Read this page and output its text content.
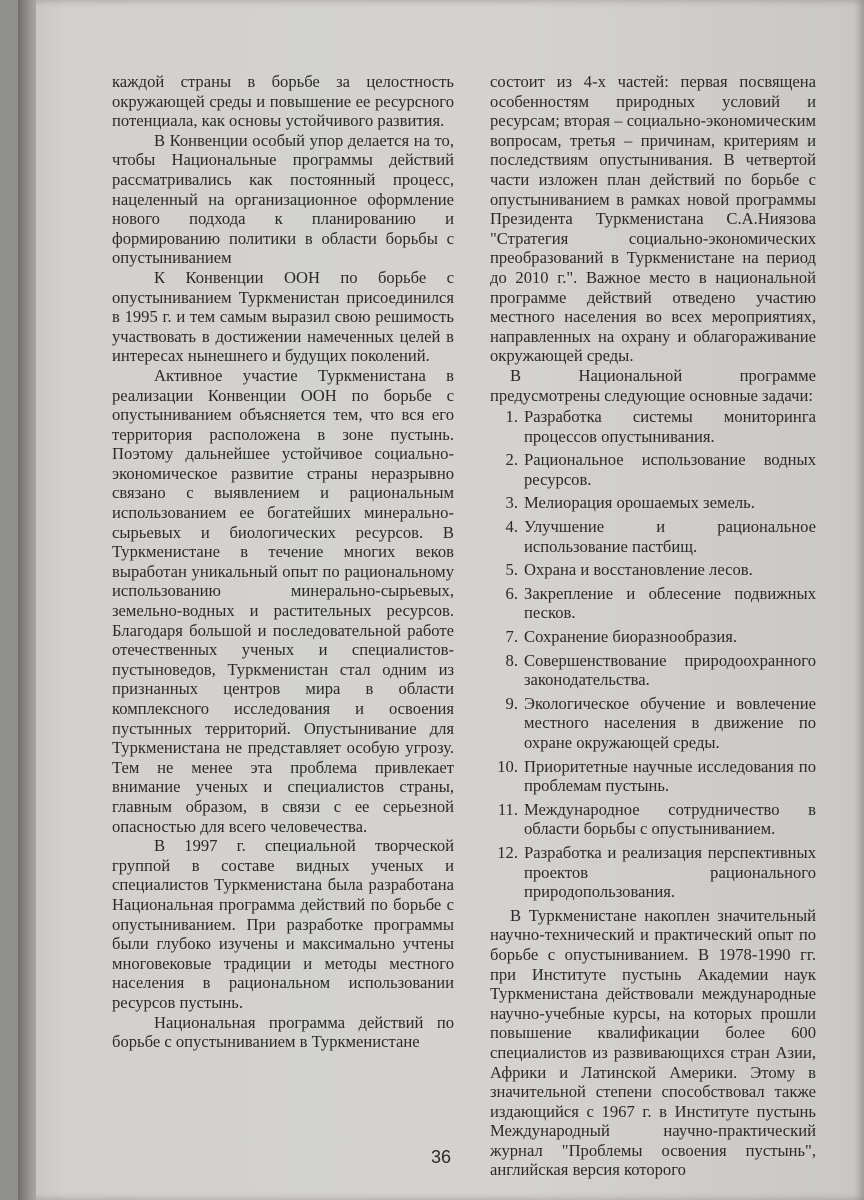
каждой страны в борьбе за целостность окружающей среды и повышение ее ресурсного потенциала, как основы устойчивого развития.

В Конвенции особый упор делается на то, чтобы Национальные программы действий рассматривались как постоянный процесс, нацеленный на организационное оформление нового подхода к планированию и формированию политики в области борьбы с опустыниванием

К Конвенции ООН по борьбе с опустыниванием Туркменистан присоединился в 1995 г. и тем самым выразил свою решимость участвовать в достижении намеченных целей в интересах нынешнего и будущих поколений.

Активное участие Туркменистана в реализации Конвенции ООН по борьбе с опустыниванием объясняется тем, что вся его территория расположена в зоне пустынь. Поэтому дальнейшее устойчивое социально-экономическое развитие страны неразрывно связано с выявлением и рациональным использованием ее богатейших минерально-сырьевых и биологических ресурсов. В Туркменистане в течение многих веков выработан уникальный опыт по рациональному использованию минерально-сырьевых, земельно-водных и растительных ресурсов. Благодаря большой и последовательной работе отечественных ученых и специалистов-пустыноведов, Туркменистан стал одним из признанных центров мира в области комплексного исследования и освоения пустынных территорий. Опустынивание для Туркменистана не представляет особую угрозу. Тем не менее эта проблема привлекает внимание ученых и специалистов страны, главным образом, в связи с ее серьезной опасностью для всего человечества.

В 1997 г. специальной творческой группой в составе видных ученых и специалистов Туркменистана была разработана Национальная программа действий по борьбе с опустыниванием. При разработке программы были глубоко изучены и максимально учтены многовековые традиции и методы местного населения в рациональном использовании ресурсов пустынь.

Национальная программа действий по борьбе с опустыниванием в Туркменистане

состоит из 4-х частей: первая посвящена особенностям природных условий и ресурсам; вторая – социально-экономическим вопросам, третья – причинам, критериям и последствиям опустынивания. В четвертой части изложен план действий по борьбе с опустыниванием в рамках новой программы Президента Туркменистана С.А.Ниязова "Стратегия социально-экономических преобразований в Туркменистане на период до 2010 г.". Важное место в национальной программе действий отведено участию местного населения во всех мероприятиях, направленных на охрану и облагораживание окружающей среды.

В Национальной программе предусмотрены следующие основные задачи:

1. Разработка системы мониторинга процессов опустынивания.
2. Рациональное использование водных ресурсов.
3. Мелиорация орошаемых земель.
4. Улучшение и рациональное использование пастбищ.
5. Охрана и восстановление лесов.
6. Закрепление и облесение подвижных песков.
7. Сохранение биоразнообразия.
8. Совершенствование природоохранного законодательства.
9. Экологическое обучение и вовлечение местного населения в движение по охране окружающей среды.
10. Приоритетные научные исследования по проблемам пустынь.
11. Международное сотрудничество в области борьбы с опустыниванием.
12. Разработка и реализация перспективных проектов рационального природопользования.

В Туркменистане накоплен значительный научно-технический и практический опыт по борьбе с опустыниванием. В 1978-1990 гг. при Институте пустынь Академии наук Туркменистана действовали международные научно-учебные курсы, на которых прошли повышение квалификации более 600 специалистов из развивающихся стран Азии, Африки и Латинской Америки. Этому в значительной степени способствовал также издающийся с 1967 г. в Институте пустынь Международный научно-практический журнал "Проблемы освоения пустынь", английская версия которого

36
